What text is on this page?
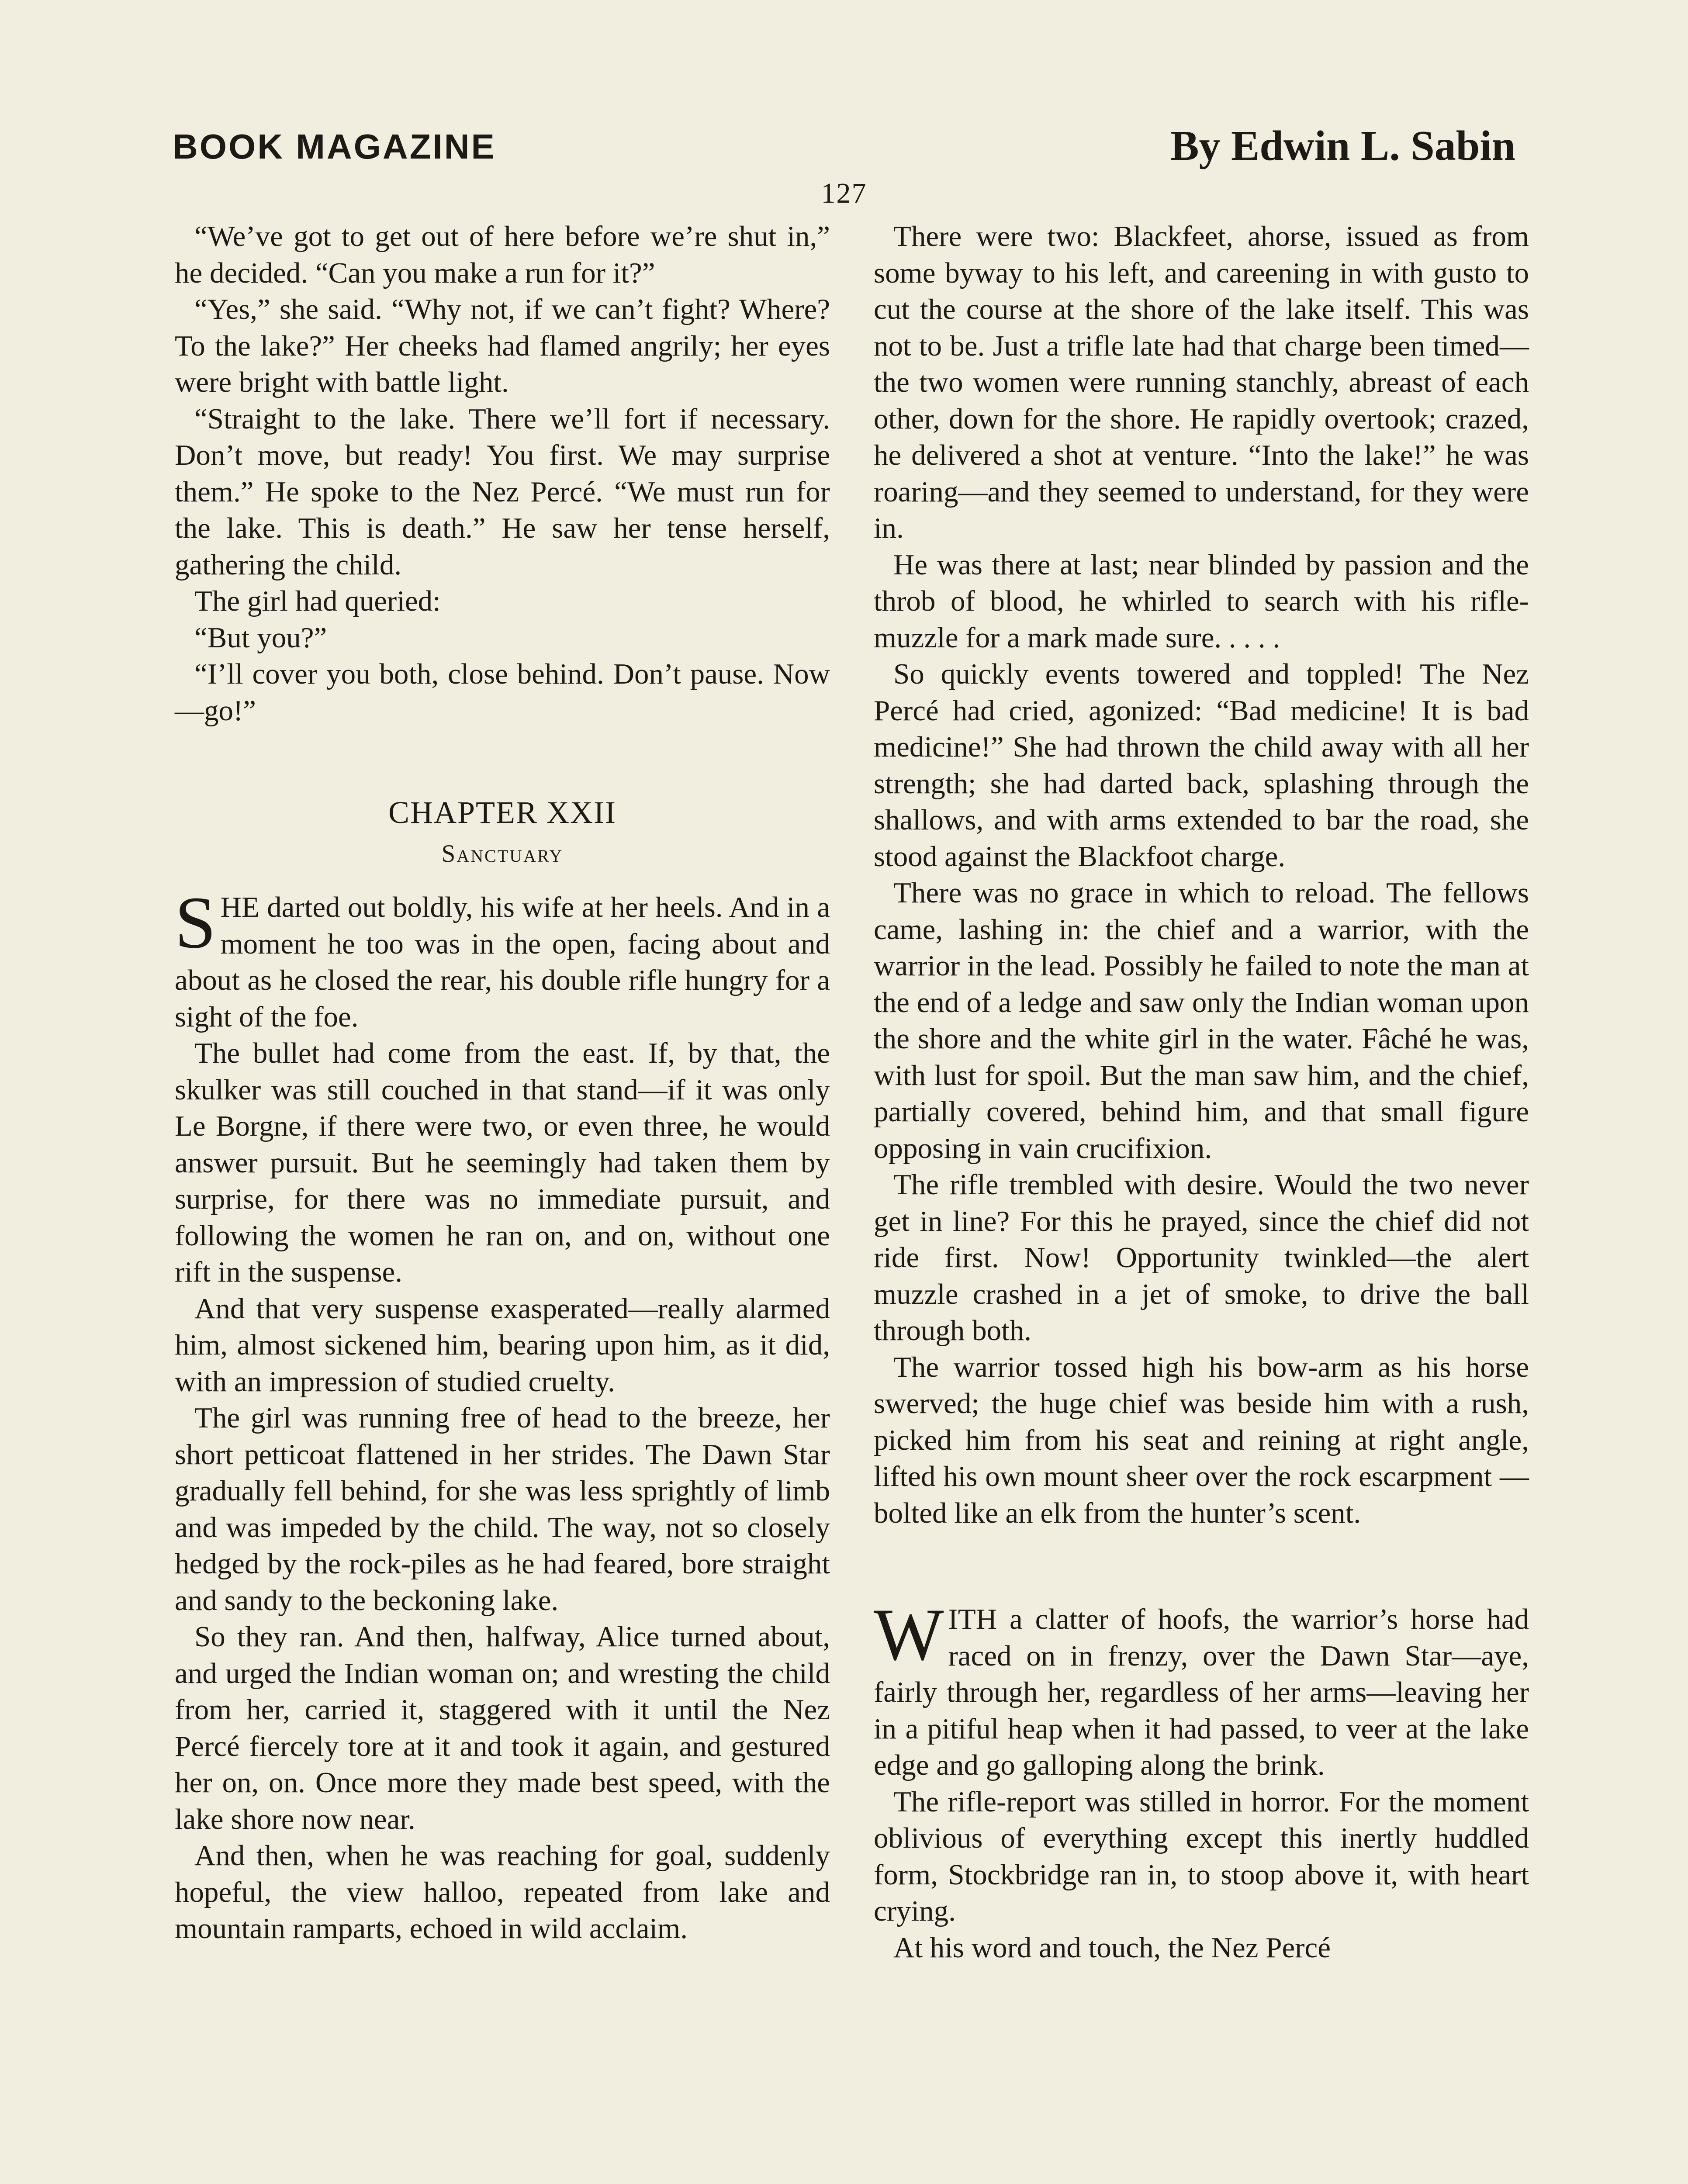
BOOK MAGAZINE	By Edwin L. Sabin
127

“We’ve got to get out of here before we’re shut in,” he decided. “Can you make a run for it?”

“Yes,” she said. “Why not, if we can’t fight? Where? To the lake?” Her cheeks had flamed angrily; her eyes were bright with battle light.

“Straight to the lake. There we’ll fort if necessary. Don’t move, but ready! You first. We may surprise them.” He spoke to the Nez Percé. “We must run for the lake. This is death.” He saw her tense herself, gathering the child.

The girl had queried:

“But you?”

“I’ll cover you both, close behind. Don’t pause. Now—go!”

CHAPTER XXII
Sanctuary

SHE darted out boldly, his wife at her heels. And in a moment he too was in the open, facing about and about as he closed the rear, his double rifle hungry for a sight of the foe.

The bullet had come from the east. If, by that, the skulker was still couched in that stand—if it was only Le Borgne, if there were two, or even three, he would answer pursuit. But he seemingly had taken them by surprise, for there was no immediate pursuit, and following the women he ran on, and on, without one rift in the suspense.

And that very suspense exasperated—really alarmed him, almost sickened him, bearing upon him, as it did, with an impression of studied cruelty.

The girl was running free of head to the breeze, her short petticoat flattened in her strides. The Dawn Star gradually fell behind, for she was less sprightly of limb and was impeded by the child. The way, not so closely hedged by the rock-piles as he had feared, bore straight and sandy to the beckoning lake.

So they ran. And then, halfway, Alice turned about, and urged the Indian woman on; and wresting the child from her, carried it, staggered with it until the Nez Percé fiercely tore at it and took it again, and gestured her on, on. Once more they made best speed, with the lake shore now near.

And then, when he was reaching for goal, suddenly hopeful, the view halloo, repeated from lake and mountain ramparts, echoed in wild acclaim.

There were two: Blackfeet, ahorse, issued as from some byway to his left, and careening in with gusto to cut the course at the shore of the lake itself. This was not to be. Just a trifle late had that charge been timed—the two women were running stanchly, abreast of each other, down for the shore. He rapidly overtook; crazed, he delivered a shot at venture. “Into the lake!” he was roaring—and they seemed to understand, for they were in.

He was there at last; near blinded by passion and the throb of blood, he whirled to search with his rifle-muzzle for a mark made sure. . . . .

So quickly events towered and toppled! The Nez Percé had cried, agonized: “Bad medicine! It is bad medicine!” She had thrown the child away with all her strength; she had darted back, splashing through the shallows, and with arms extended to bar the road, she stood against the Blackfoot charge.

There was no grace in which to reload. The fellows came, lashing in: the chief and a warrior, with the warrior in the lead. Possibly he failed to note the man at the end of a ledge and saw only the Indian woman upon the shore and the white girl in the water. Fâché he was, with lust for spoil. But the man saw him, and the chief, partially covered, behind him, and that small figure opposing in vain crucifixion.

The rifle trembled with desire. Would the two never get in line? For this he prayed, since the chief did not ride first. Now! Opportunity twinkled—the alert muzzle crashed in a jet of smoke, to drive the ball through both.

The warrior tossed high his bow-arm as his horse swerved; the huge chief was beside him with a rush, picked him from his seat and reining at right angle, lifted his own mount sheer over the rock escarpment —bolted like an elk from the hunter’s scent.

WITH a clatter of hoofs, the warrior’s horse had raced on in frenzy, over the Dawn Star—aye, fairly through her, regardless of her arms—leaving her in a pitiful heap when it had passed, to veer at the lake edge and go galloping along the brink.

The rifle-report was stilled in horror. For the moment oblivious of everything except this inertly huddled form, Stockbridge ran in, to stoop above it, with heart crying.

At his word and touch, the Nez Percé
